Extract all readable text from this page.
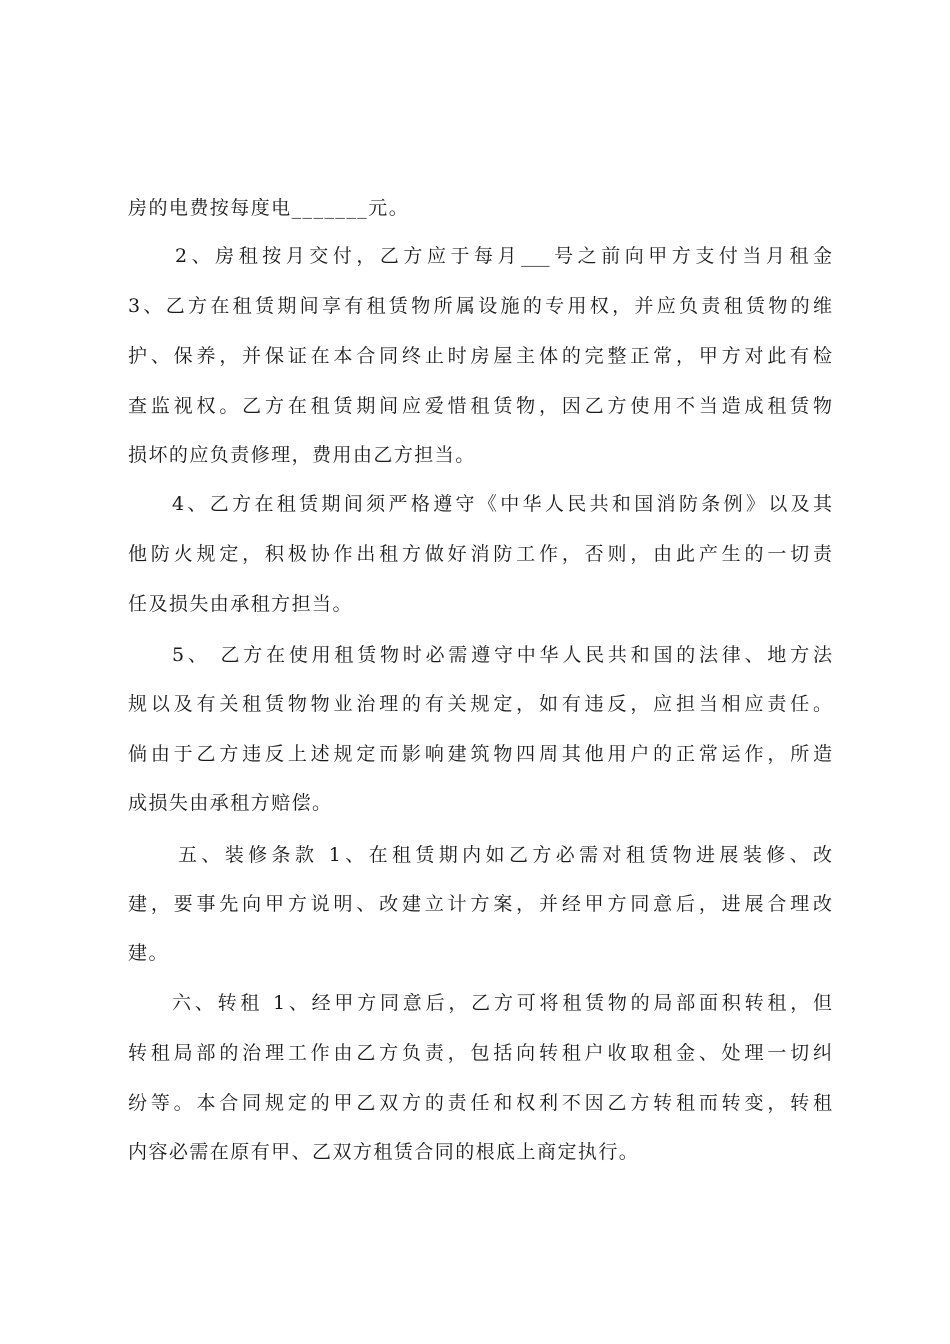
房的电费按每度电_______元。
2、房租按月交付，乙方应于每月___号之前向甲方支付当月租金
3、乙方在租赁期间享有租赁物所属设施的专用权，并应负责租赁物的维
护、保养，并保证在本合同终止时房屋主体的完整正常，甲方对此有检
查监视权。乙方在租赁期间应爱惜租赁物，因乙方使用不当造成租赁物
损坏的应负责修理，费用由乙方担当。
4、乙方在租赁期间须严格遵守《中华人民共和国消防条例》以及其
他防火规定，积极协作出租方做好消防工作，否则，由此产生的一切责
任及损失由承租方担当。
5、 乙方在使用租赁物时必需遵守中华人民共和国的法律、地方法
规以及有关租赁物物业治理的有关规定，如有违反，应担当相应责任。
倘由于乙方违反上述规定而影响建筑物四周其他用户的正常运作，所造
成损失由承租方赔偿。
五、装修条款 1、在租赁期内如乙方必需对租赁物进展装修、改
建，要事先向甲方说明、改建立计方案，并经甲方同意后，进展合理改
建。
六、转租 1、经甲方同意后，乙方可将租赁物的局部面积转租，但
转租局部的治理工作由乙方负责，包括向转租户收取租金、处理一切纠
纷等。本合同规定的甲乙双方的责任和权利不因乙方转租而转变，转租
内容必需在原有甲、乙双方租赁合同的根底上商定执行。
